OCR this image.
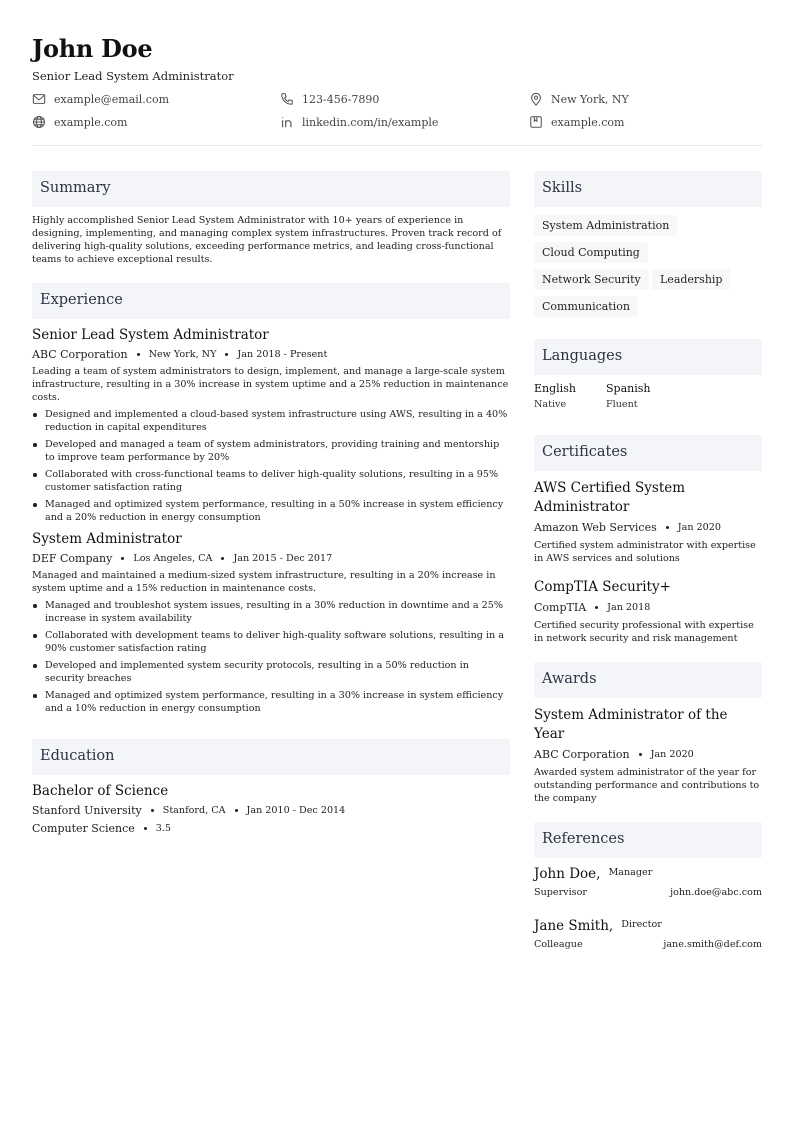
John Doe
Senior Lead System Administrator
example@email.com	123-456-7890	New York, NY
example.com	linkedin.com/in/example	example.com
Summary
Highly accomplished Senior Lead System Administrator with 10+ years of experience in designing, implementing, and managing complex system infrastructures. Proven track record of delivering high-quality solutions, exceeding performance metrics, and leading cross-functional teams to achieve exceptional results.
Experience
Senior Lead System Administrator
ABC Corporation New York, NY Jan 2018 - Present
Leading a team of system administrators to design, implement, and manage a large-scale system infrastructure, resulting in a 30% increase in system uptime and a 25% reduction in maintenance costs.
Designed and implemented a cloud-based system infrastructure using AWS, resulting in a 40% reduction in capital expenditures
Developed and managed a team of system administrators, providing training and mentorship to improve team performance by 20%
Collaborated with cross-functional teams to deliver high-quality solutions, resulting in a 95% customer satisfaction rating
Managed and optimized system performance, resulting in a 50% increase in system efficiency and a 20% reduction in energy consumption
System Administrator
DEF Company Los Angeles, CA Jan 2015 - Dec 2017
Managed and maintained a medium-sized system infrastructure, resulting in a 20% increase in system uptime and a 15% reduction in maintenance costs.
Managed and troubleshot system issues, resulting in a 30% reduction in downtime and a 25% increase in system availability
Collaborated with development teams to deliver high-quality software solutions, resulting in a 90% customer satisfaction rating
Developed and implemented system security protocols, resulting in a 50% reduction in security breaches
Managed and optimized system performance, resulting in a 30% increase in system efficiency and a 10% reduction in energy consumption
Education
Bachelor of Science
Stanford University Stanford, CA Jan 2010 - Dec 2014
Computer Science 3.5
Skills
System Administration
Cloud Computing
Network Security	Leadership
Communication
Languages
English
Native
Spanish
Fluent
Certificates
AWS Certified System Administrator
Amazon Web Services Jan 2020
Certified system administrator with expertise in AWS services and solutions
CompTIA Security+
CompTIA Jan 2018
Certified security professional with expertise in network security and risk management
Awards
System Administrator of the Year
ABC Corporation Jan 2020
Awarded system administrator of the year for outstanding performance and contributions to the company
References
John Doe, Manager
Supervisor	john.doe@abc.com
Jane Smith, Director
Colleague	jane.smith@def.com
